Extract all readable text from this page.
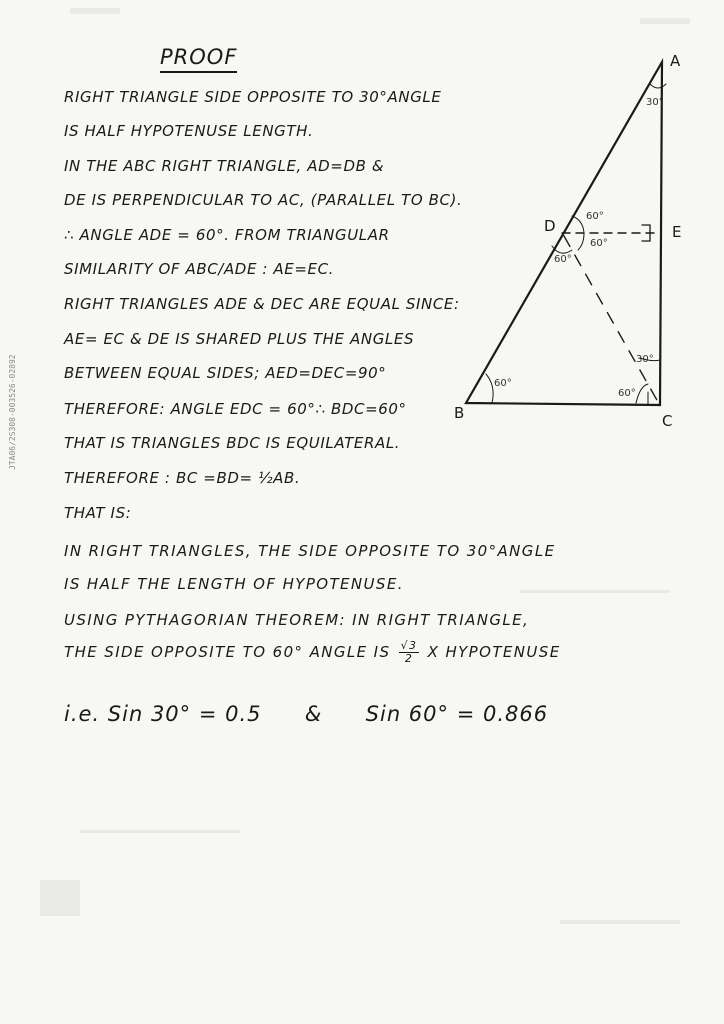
PROOF
RIGHT TRIANGLE SIDE OPPOSITE TO 30°ANGLE
IS HALF HYPOTENUSE LENGTH.
IN THE ABC RIGHT TRIANGLE, AD=DB &
DE IS PERPENDICULAR TO AC, (PARALLEL TO BC).
∴ ANGLE ADE = 60°. FROM TRIANGULAR
SIMILARITY OF ABC/ADE : AE=EC.
RIGHT TRIANGLES ADE & DEC ARE EQUAL SINCE:
AE= EC & DE IS SHARED PLUS THE ANGLES
BETWEEN EQUAL SIDES; AED=DEC=90°
THEREFORE: ANGLE EDC = 60°∴ BDC=60°
THAT IS TRIANGLES BDC IS EQUILATERAL.
THEREFORE : BC =BD= ½AB.
THAT IS:
IN RIGHT TRIANGLES, THE SIDE OPPOSITE TO 30°ANGLE
IS HALF THE LENGTH OF HYPOTENUSE.
USING PYTHAGORIAN THEOREM: IN RIGHT TRIANGLE,
THE SIDE OPPOSITE TO 60° ANGLE IS $\frac{√3}{2}$ X HYPOTENUSE
i.e. Sin 30° = 0.5 & Sin 60° = 0.866
JTA06/2S308-003526-02892
A
B	C
D	E
30°
60°
60°
60°
30°
60°
60°
